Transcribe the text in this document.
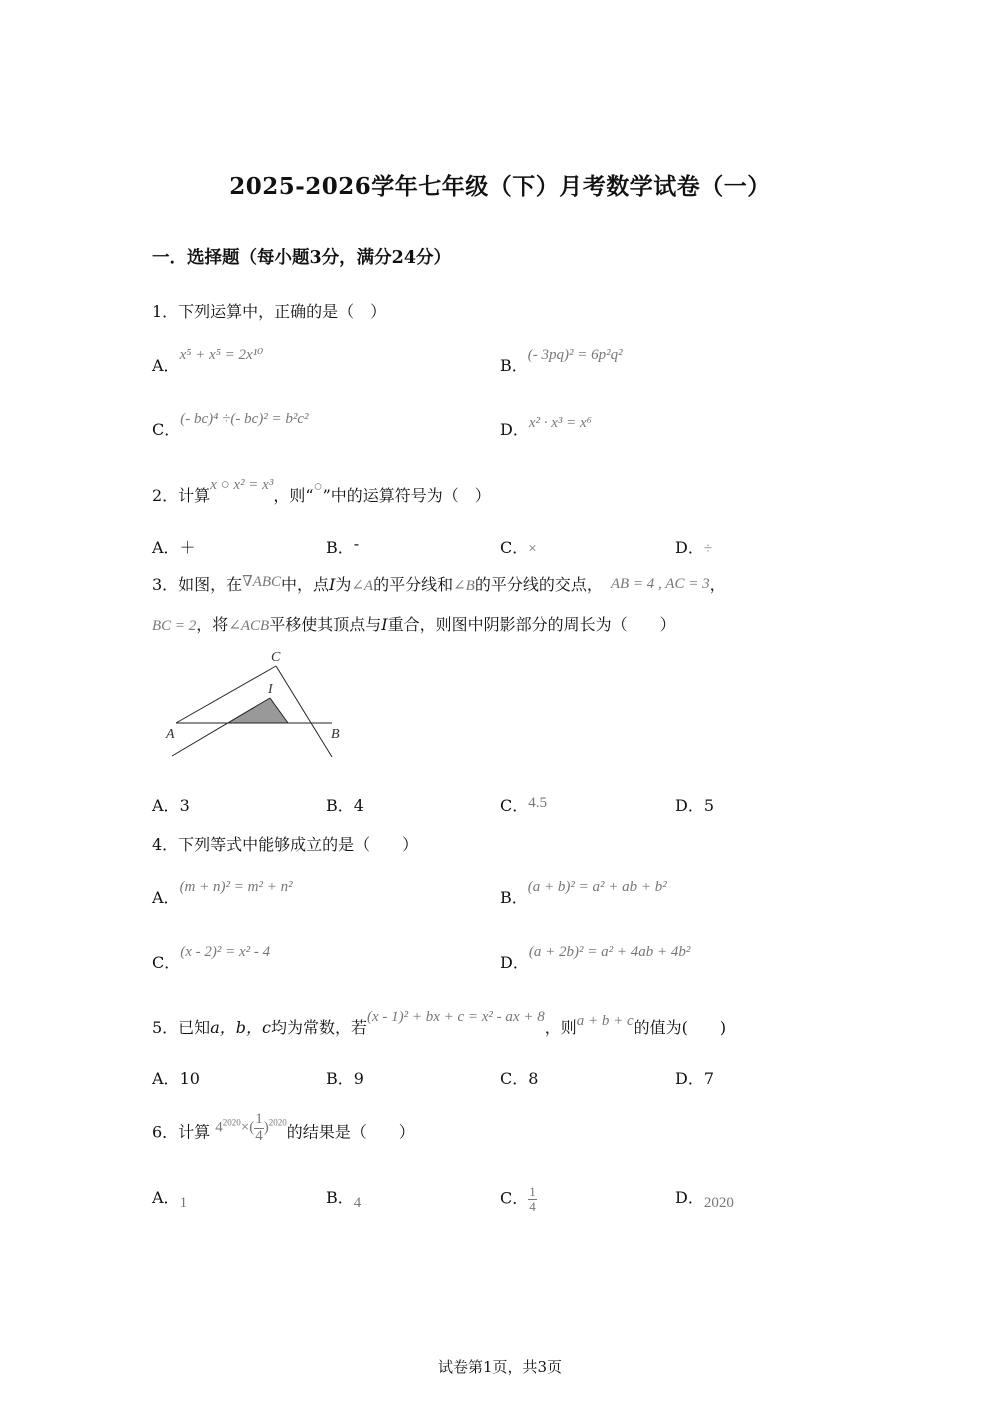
2025-2026学年七年级（下）月考数学试卷（一）
一．选择题（每小题3分，满分24分）
1．下列运算中，正确的是（　）
A．x⁵ + x⁵ = 2x¹⁰
B．(- 3pq)² = 6p²q²
C．(- bc)⁴ ÷(- bc)² = b²c²
D．x² · x³ = x⁶
2．计算x ○ x² = x³，则“○”中的运算符号为（　）
A．＋	B．-	C．×	D．÷
3．如图，在∇ABC中，点I为∠A的平分线和∠B的平分线的交点， AB = 4 , AC = 3，
BC = 2，将∠ACB平移使其顶点与I重合，则图中阴影部分的周长为（　　）
C
I
A	B
A．3	B．4	C．4.5	D．5
4．下列等式中能够成立的是（　　）
A．(m + n)² = m² + n²
B．(a + b)² = a² + ab + b²
C．(x - 2)² = x² - 4
D．(a + 2b)² = a² + 4ab + 4b²
5．已知a，b，c均为常数，若(x - 1)² + bx + c = x² - ax + 8，则a + b + c的值为(　　)
A．10	B．9	C．8	D．7
6．计算 $4^{2020}\times( \frac{1}{4} )^{2020}$的结果是（　　）
A．1	B．4	C． $\frac{1}{4}$	D．2020
试卷第1页，共3页
